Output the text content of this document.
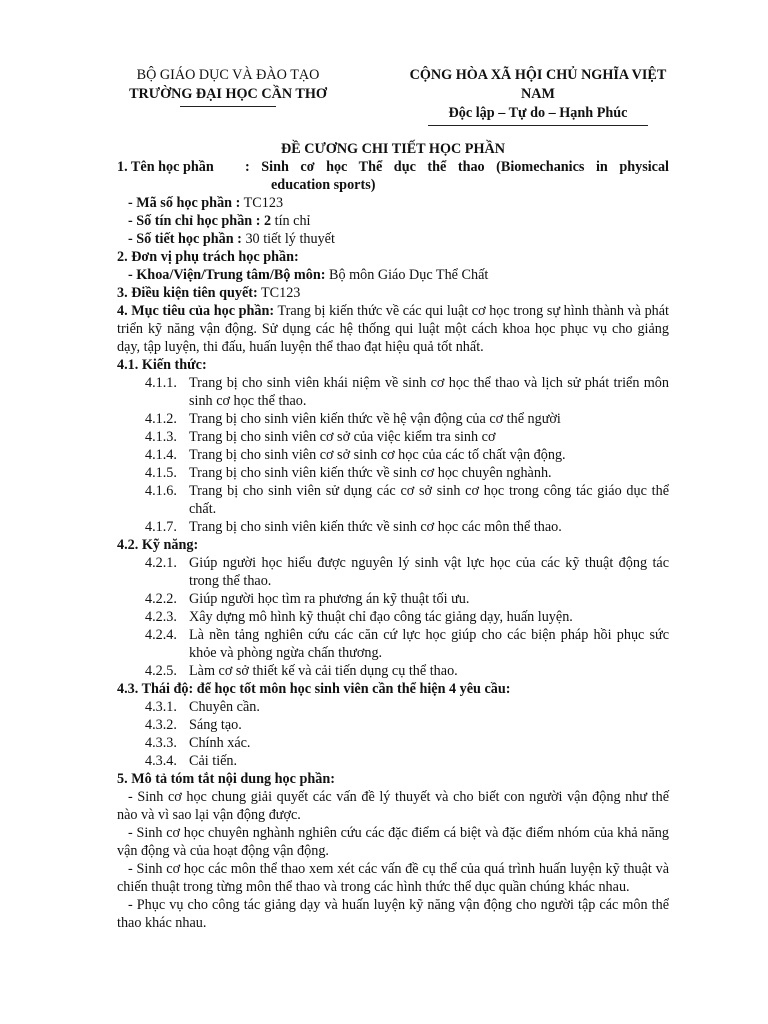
BỘ GIÁO DỤC VÀ ĐÀO TẠO
TRƯỜNG ĐẠI HỌC CẦN THƠ
CỘNG HÒA XÃ HỘI CHỦ NGHĨA VIỆT NAM
Độc lập – Tự do – Hạnh Phúc
ĐỀ CƯƠNG CHI TIẾT HỌC PHẦN
1. Tên học phần	: Sinh cơ học Thể dục thể thao (Biomechanics in physical
education sports)
- Mã số học phần : TC123
- Số tín chỉ học phần : 2 tín chỉ
- Số tiết học phần : 30 tiết lý thuyết
2. Đơn vị phụ trách học phần:
- Khoa/Viện/Trung tâm/Bộ môn: Bộ môn Giáo Dục Thể Chất
3. Điều kiện tiên quyết: TC123
4. Mục tiêu của học phần: Trang bị kiến thức về các qui luật cơ học trong sự hình thành và phát triển kỹ năng vận động. Sử dụng các hệ thống qui luật một cách khoa học phục vụ cho giảng dạy, tập luyện, thi đấu, huấn luyện thể thao đạt hiệu quả tốt nhất.
4.1. Kiến thức:
4.1.1. Trang bị cho sinh viên khái niệm về sinh cơ học thể thao và lịch sử phát triển môn sinh cơ học thể thao.
4.1.2. Trang bị cho sinh viên kiến thức về hệ vận động của cơ thể người
4.1.3. Trang bị cho sinh viên cơ sở của việc kiểm tra sinh cơ
4.1.4. Trang bị cho sinh viên cơ sở sinh cơ học của các tố chất vận động.
4.1.5. Trang bị cho sinh viên kiến thức về sinh cơ học chuyên nghành.
4.1.6. Trang bị cho sinh viên sử dụng các cơ sở sinh cơ học trong công tác giáo dục thể chất.
4.1.7. Trang bị cho sinh viên kiến thức về sinh cơ học các môn thể thao.
4.2. Kỹ năng:
4.2.1. Giúp người học hiểu được nguyên lý sinh vật lực học của các kỹ thuật động tác trong thể thao.
4.2.2. Giúp người học tìm ra phương án kỹ thuật tối ưu.
4.2.3. Xây dựng mô hình kỹ thuật chỉ đạo công tác giảng dạy, huấn luyện.
4.2.4. Là nền tảng nghiên cứu các căn cứ lực học giúp cho các biện pháp hồi phục sức khỏe và phòng ngừa chấn thương.
4.2.5. Làm cơ sở thiết kế và cải tiến dụng cụ thể thao.
4.3. Thái độ: để học tốt môn học sinh viên cần thể hiện 4 yêu cầu:
4.3.1. Chuyên cần.
4.3.2. Sáng tạo.
4.3.3. Chính xác.
4.3.4. Cải tiến.
5. Mô tả tóm tắt nội dung học phần:
- Sinh cơ học chung giải quyết các vấn đề lý thuyết và cho biết con người vận động như thế nào và vì sao lại vận động được.
- Sinh cơ học chuyên nghành nghiên cứu các đặc điểm cá biệt và đặc điểm nhóm của khả năng vận động và của hoạt động vận động.
- Sinh cơ học các môn thể thao xem xét các vấn đề cụ thể của quá trình huấn luyện kỹ thuật và chiến thuật trong từng môn thể thao và trong các hình thức thể dục quần chúng khác nhau.
- Phục vụ cho công tác giảng dạy và huấn luyện kỹ năng vận động cho người tập các môn thể thao khác nhau.
